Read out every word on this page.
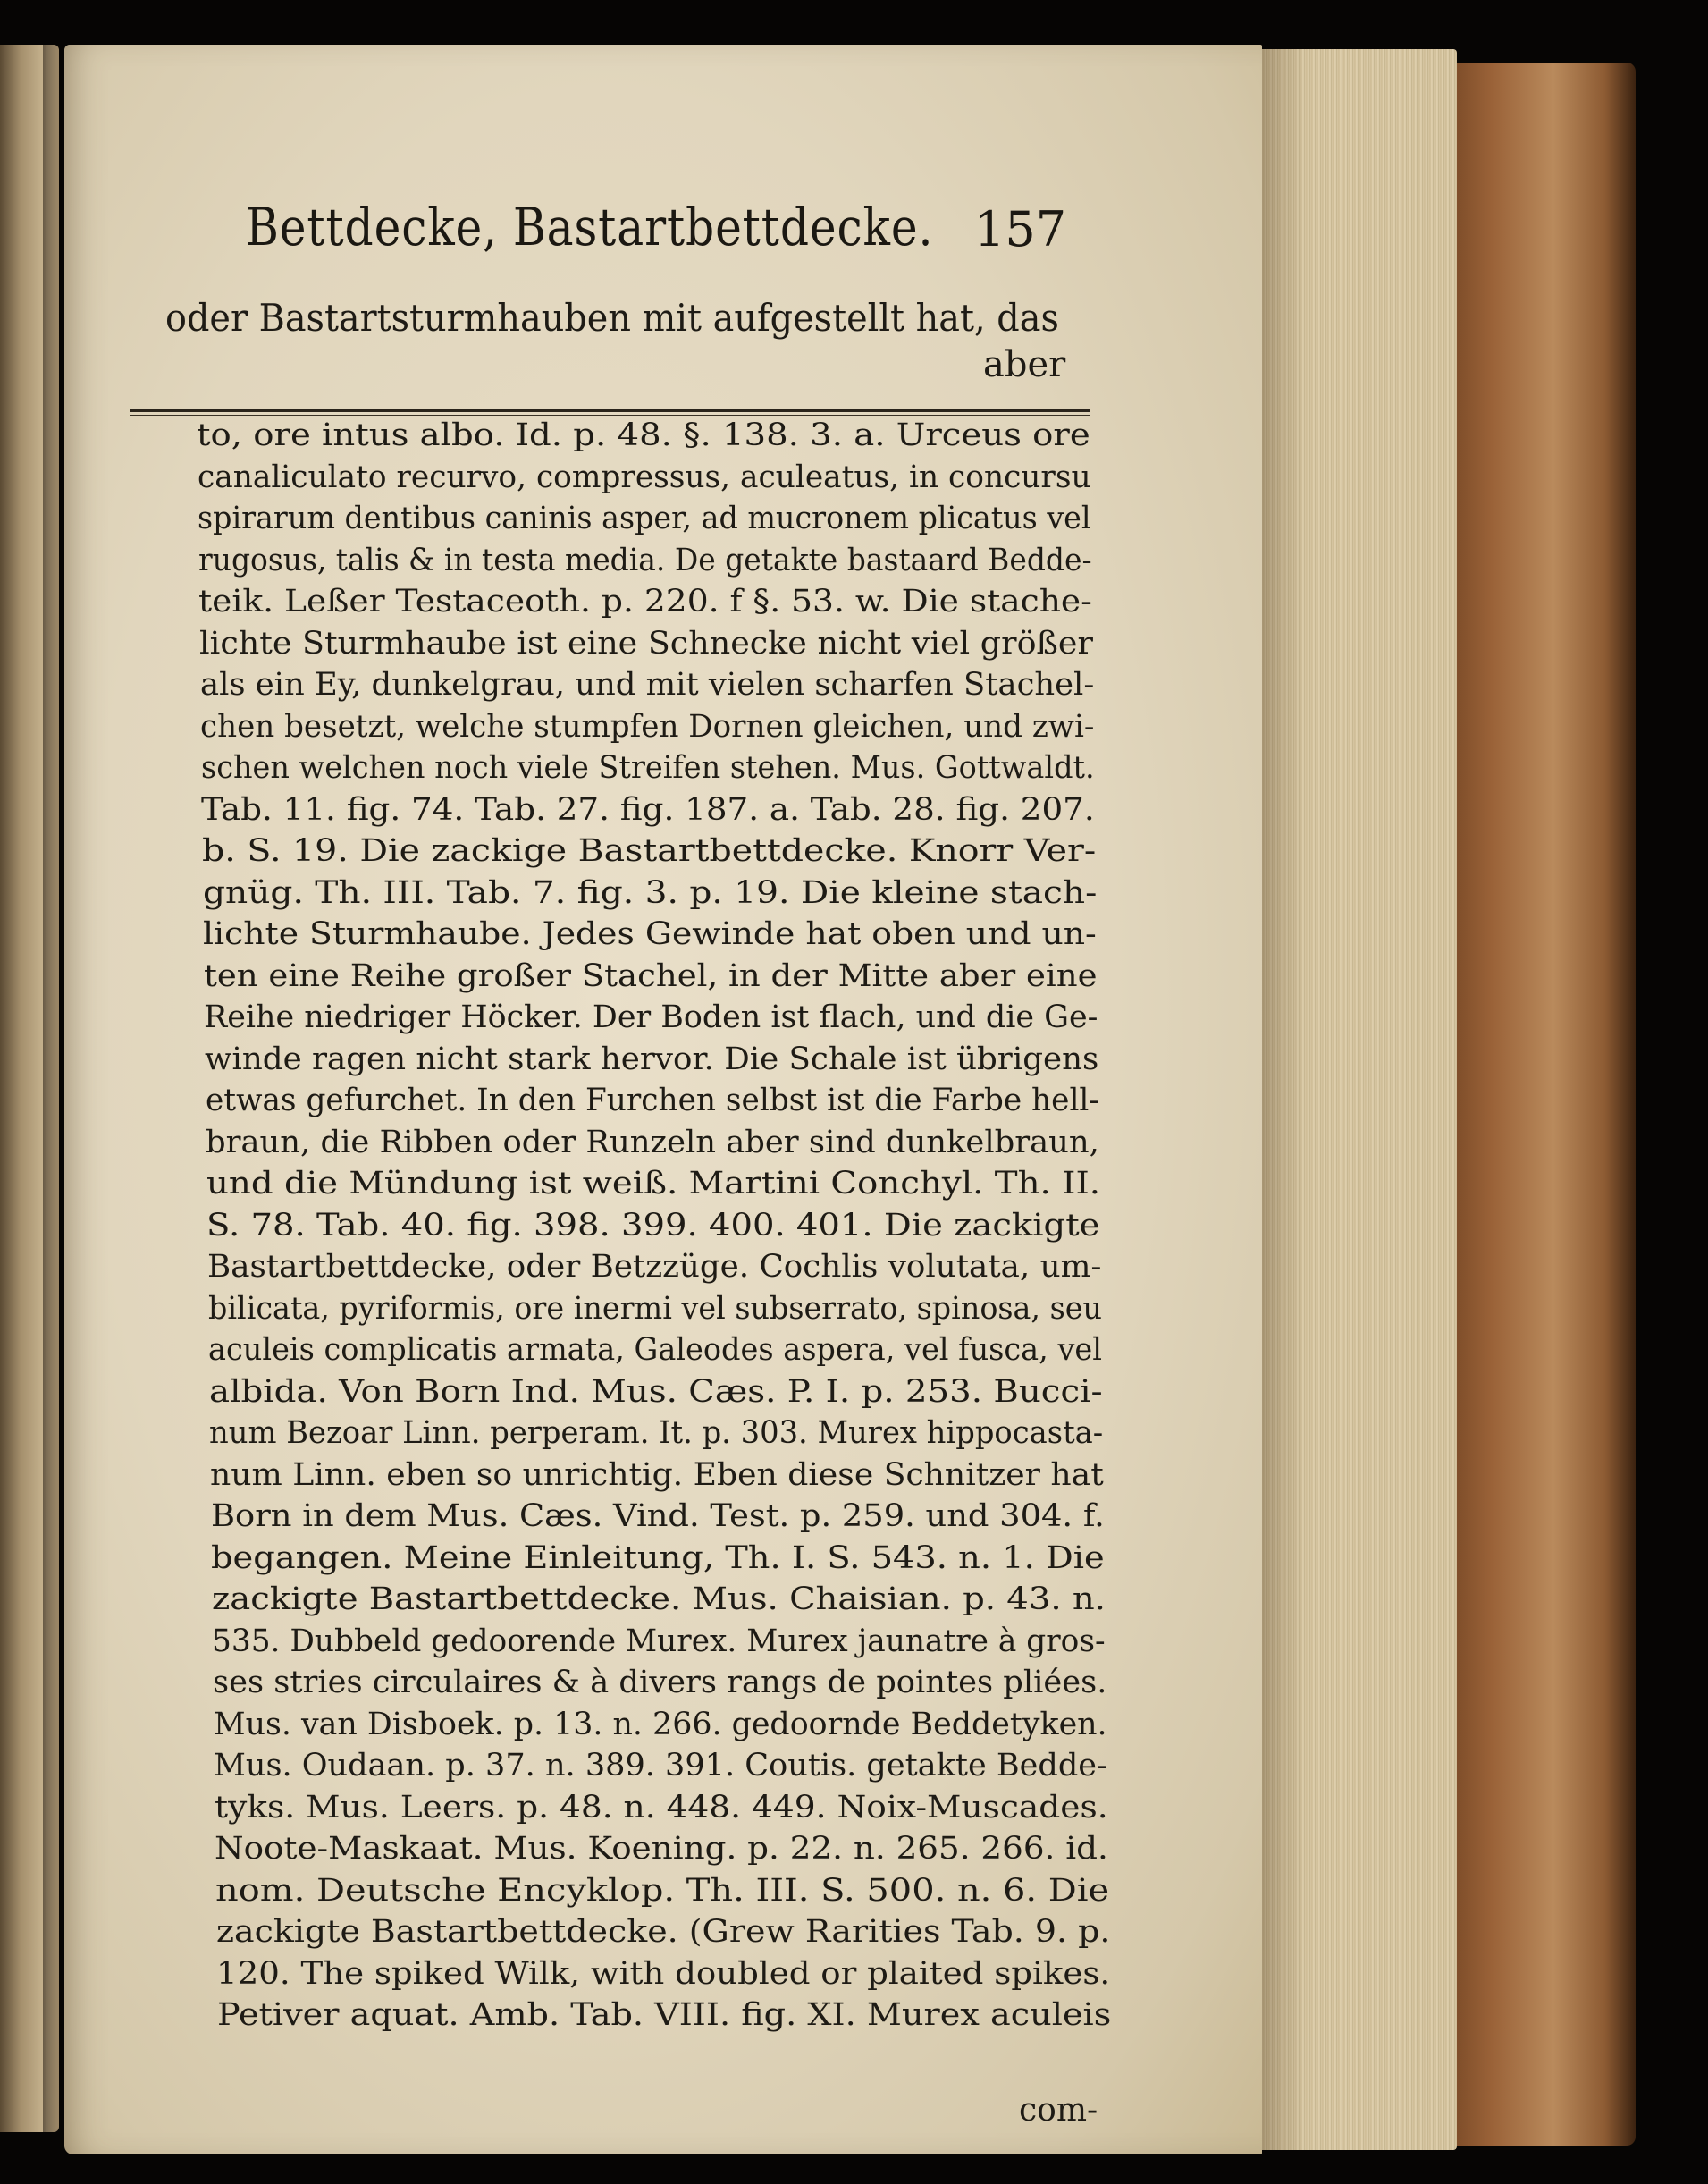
Bettdecke, Bastartbettdecke. 157
oder Bastartsturmhauben mit aufgestellt hat, das
aber
to, ore intus albo. Id. p. 48. §. 138. 3. a. Urceus ore
canaliculato recurvo, compressus, aculeatus, in concursu
spirarum dentibus caninis asper, ad mucronem plicatus vel
rugosus, talis & in testa media. De getakte bastaard Bedde-
teik. Leßer Testaceoth. p. 220. f §. 53. w. Die stache-
lichte Sturmhaube ist eine Schnecke nicht viel größer
als ein Ey, dunkelgrau, und mit vielen scharfen Stachel-
chen besetzt, welche stumpfen Dornen gleichen, und zwi-
schen welchen noch viele Streifen stehen. Mus. Gottwaldt.
Tab. 11. fig. 74. Tab. 27. fig. 187. a. Tab. 28. fig. 207.
b. S. 19. Die zackige Bastartbettdecke. Knorr Ver-
gnüg. Th. III. Tab. 7. fig. 3. p. 19. Die kleine stach-
lichte Sturmhaube. Jedes Gewinde hat oben und un-
ten eine Reihe großer Stachel, in der Mitte aber eine
Reihe niedriger Höcker. Der Boden ist flach, und die Ge-
winde ragen nicht stark hervor. Die Schale ist übrigens
etwas gefurchet. In den Furchen selbst ist die Farbe hell-
braun, die Ribben oder Runzeln aber sind dunkelbraun,
und die Mündung ist weiß. Martini Conchyl. Th. II.
S. 78. Tab. 40. fig. 398. 399. 400. 401. Die zackigte
Bastartbettdecke, oder Betzzüge. Cochlis volutata, um-
bilicata, pyriformis, ore inermi vel subserrato, spinosa, seu
aculeis complicatis armata, Galeodes aspera, vel fusca, vel
albida. Von Born Ind. Mus. Cæs. P. I. p. 253. Bucci-
num Bezoar Linn. perperam. It. p. 303. Murex hippocasta-
num Linn. eben so unrichtig. Eben diese Schnitzer hat
Born in dem Mus. Cæs. Vind. Test. p. 259. und 304. f.
begangen. Meine Einleitung, Th. I. S. 543. n. 1. Die
zackigte Bastartbettdecke. Mus. Chaisian. p. 43. n.
535. Dubbeld gedoorende Murex. Murex jaunatre à gros-
ses stries circulaires & à divers rangs de pointes pliées.
Mus. van Disboek. p. 13. n. 266. gedoornde Beddetyken.
Mus. Oudaan. p. 37. n. 389. 391. Coutis. getakte Bedde-
tyks. Mus. Leers. p. 48. n. 448. 449. Noix-Muscades.
Noote-Maskaat. Mus. Koening. p. 22. n. 265. 266. id.
nom. Deutsche Encyklop. Th. III. S. 500. n. 6. Die
zackigte Bastartbettdecke. (Grew Rarities Tab. 9. p.
120. The spiked Wilk, with doubled or plaited spikes.
Petiver aquat. Amb. Tab. VIII. fig. XI. Murex aculeis
com-
